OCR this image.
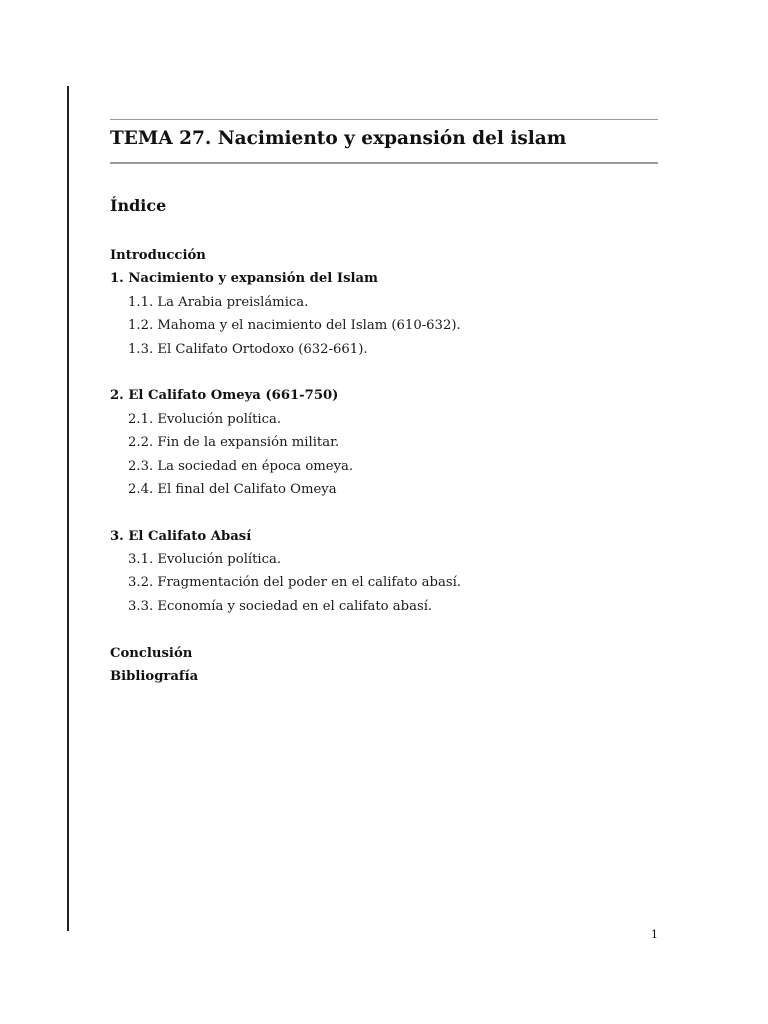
TEMA 27. Nacimiento y expansión del islam
Índice
Introducción
1. Nacimiento y expansión del Islam
1.1. La Arabia preislámica.
1.2. Mahoma y el nacimiento del Islam (610-632).
1.3. El Califato Ortodoxo (632-661).
2. El Califato Omeya (661-750)
2.1. Evolución política.
2.2. Fin de la expansión militar.
2.3. La sociedad en época omeya.
2.4. El final del Califato Omeya
3. El Califato Abasí
3.1. Evolución política.
3.2. Fragmentación del poder en el califato abasí.
3.3. Economía y sociedad en el califato abasí.
Conclusión
Bibliografía
1
